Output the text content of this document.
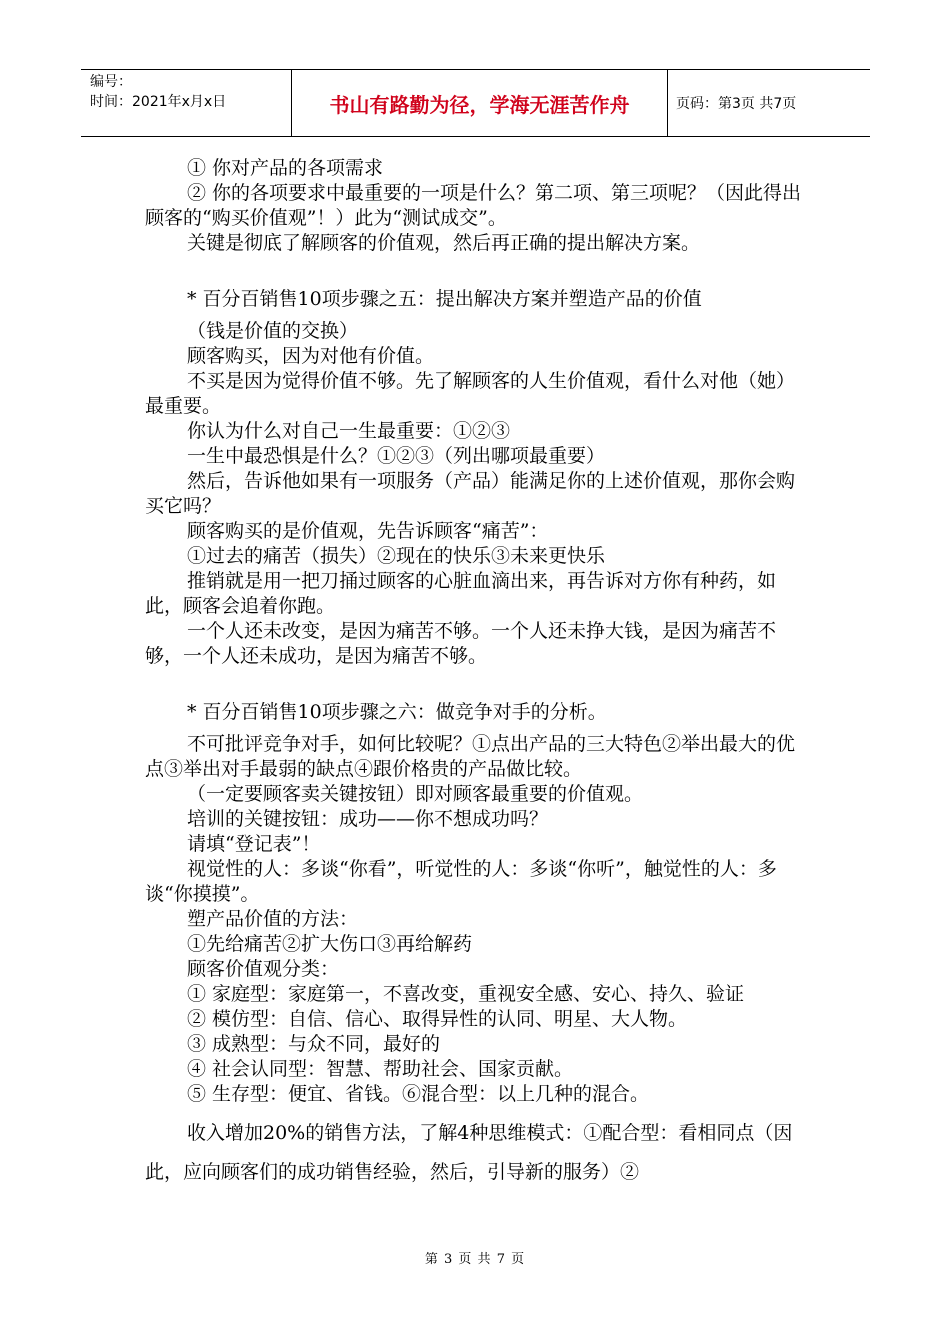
编号：
时间：2021年x月x日	书山有路勤为径，学海无涯苦作舟	页码：第3页 共7页

① 你对产品的各项需求

② 你的各项要求中最重要的一项是什么？第二项、第三项呢？（因此得出顾客的“购买价值观”！）此为“测试成交”。

关键是彻底了解顾客的价值观，然后再正确的提出解决方案。

* 百分百销售10项步骤之五：提出解决方案并塑造产品的价值

（钱是价值的交换）

顾客购买，因为对他有价值。

不买是因为觉得价值不够。先了解顾客的人生价值观，看什么对他（她）最重要。

你认为什么对自己一生最重要：①②③

一生中最恐惧是什么？①②③（列出哪项最重要）

然后，告诉他如果有一项服务（产品）能满足你的上述价值观，那你会购买它吗？

顾客购买的是价值观，先告诉顾客“痛苦”：

①过去的痛苦（损失）②现在的快乐③未来更快乐

推销就是用一把刀捅过顾客的心脏血滴出来，再告诉对方你有种药，如此，顾客会追着你跑。

一个人还未改变，是因为痛苦不够。一个人还未挣大钱，是因为痛苦不够，一个人还未成功，是因为痛苦不够。

* 百分百销售10项步骤之六：做竞争对手的分析。

不可批评竞争对手，如何比较呢？①点出产品的三大特色②举出最大的优点③举出对手最弱的缺点④跟价格贵的产品做比较。

（一定要顾客卖关键按钮）即对顾客最重要的价值观。

培训的关键按钮：成功——你不想成功吗？

请填“登记表”！

视觉性的人：多谈“你看”，听觉性的人：多谈“你听”，触觉性的人：多谈“你摸摸”。

塑产品价值的方法：

①先给痛苦②扩大伤口③再给解药

顾客价值观分类：

① 家庭型：家庭第一，不喜改变，重视安全感、安心、持久、验证

② 模仿型：自信、信心、取得异性的认同、明星、大人物。

③ 成熟型：与众不同，最好的

④ 社会认同型：智慧、帮助社会、国家贡献。

⑤ 生存型：便宜、省钱。⑥混合型：以上几种的混合。

收入增加20%的销售方法，了解4种思维模式：①配合型：看相同点（因此，应向顾客们的成功销售经验，然后，引导新的服务）②

第 3 页 共 7 页
